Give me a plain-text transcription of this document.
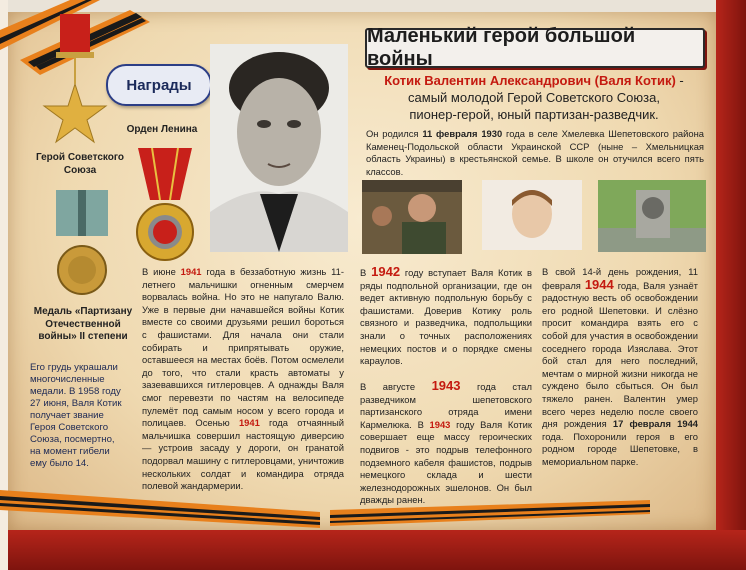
Маленький герой большой войны
Награды
Герой Советского Союза
Орден Ленина
Медаль «Партизану Отечественной войны» II степени
Его грудь украшали многочисленные медали. В 1958 году 27 июня, Валя Котик получает звание Героя Советского Союза, посмертно, на момент гибели ему было 14.
Котик Валентин Александрович (Валя Котик) -
самый молодой Герой Советского Союза,
пионер-герой, юный партизан-разведчик.
Он родился 11 февраля 1930 года в селе Хмелевка Шепетовского района Каменец-Подольской области Украинской ССР (ныне – Хмельницкая область Украины) в крестьянской семье. В школе он отучился всего пять классов.
В июне 1941 года в беззаботную жизнь 11-летнего мальчишки огненным смерчем ворвалась война. Но это не напугало Валю. Уже в первые дни начавшейся войны Котик вместе со своими друзьями решил бороться с фашистами. Для начала они стали собирать и припрятывать оружие, оставшееся на местах боёв. Потом осмелели до того, что стали красть автоматы у зазевавшихся гитлеровцев. А однажды Валя смог перевезти по частям на велосипеде пулемёт под самым носом у всего города и полицаев. Осенью 1941 года отчаянный мальчишка совершил настоящую диверсию — устроив засаду у дороги, он гранатой подорвал машину с гитлеровцами, уничтожив нескольких солдат и командира отряда полевой жандармерии.
В 1942 году вступает Валя Котик в ряды подпольной организации, где он ведет активную подпольную борьбу с фашистами. Доверив Котику роль связного и разведчика, подпольщики знали о точных расположениях немецких постов и о порядке смены караулов.
В августе 1943 года стал разведчиком шепетовского партизанского отряда имени Кармелюка. В 1943 году Валя Котик совершает еще массу героических подвигов - это подрыв телефонного подземного кабеля фашистов, подрыв немецкого склада и шести железнодорожных эшелонов. Он был дважды ранен.
В свой 14-й день рождения, 11 февраля 1944 года, Валя узнаёт радостную весть об освобождении его родной Шепетовки. И слёзно просит командира взять его с собой для участия в освобождении соседнего города Изяслава. Этот бой стал для него последний, мечтам о мирной жизни никогда не суждено было сбыться. Он был тяжело ранен. Валентин умер всего через неделю после своего дня рождения 17 февраля 1944 года. Похоронили героя в его родном городе Шепетовке, в мемориальном парке.
